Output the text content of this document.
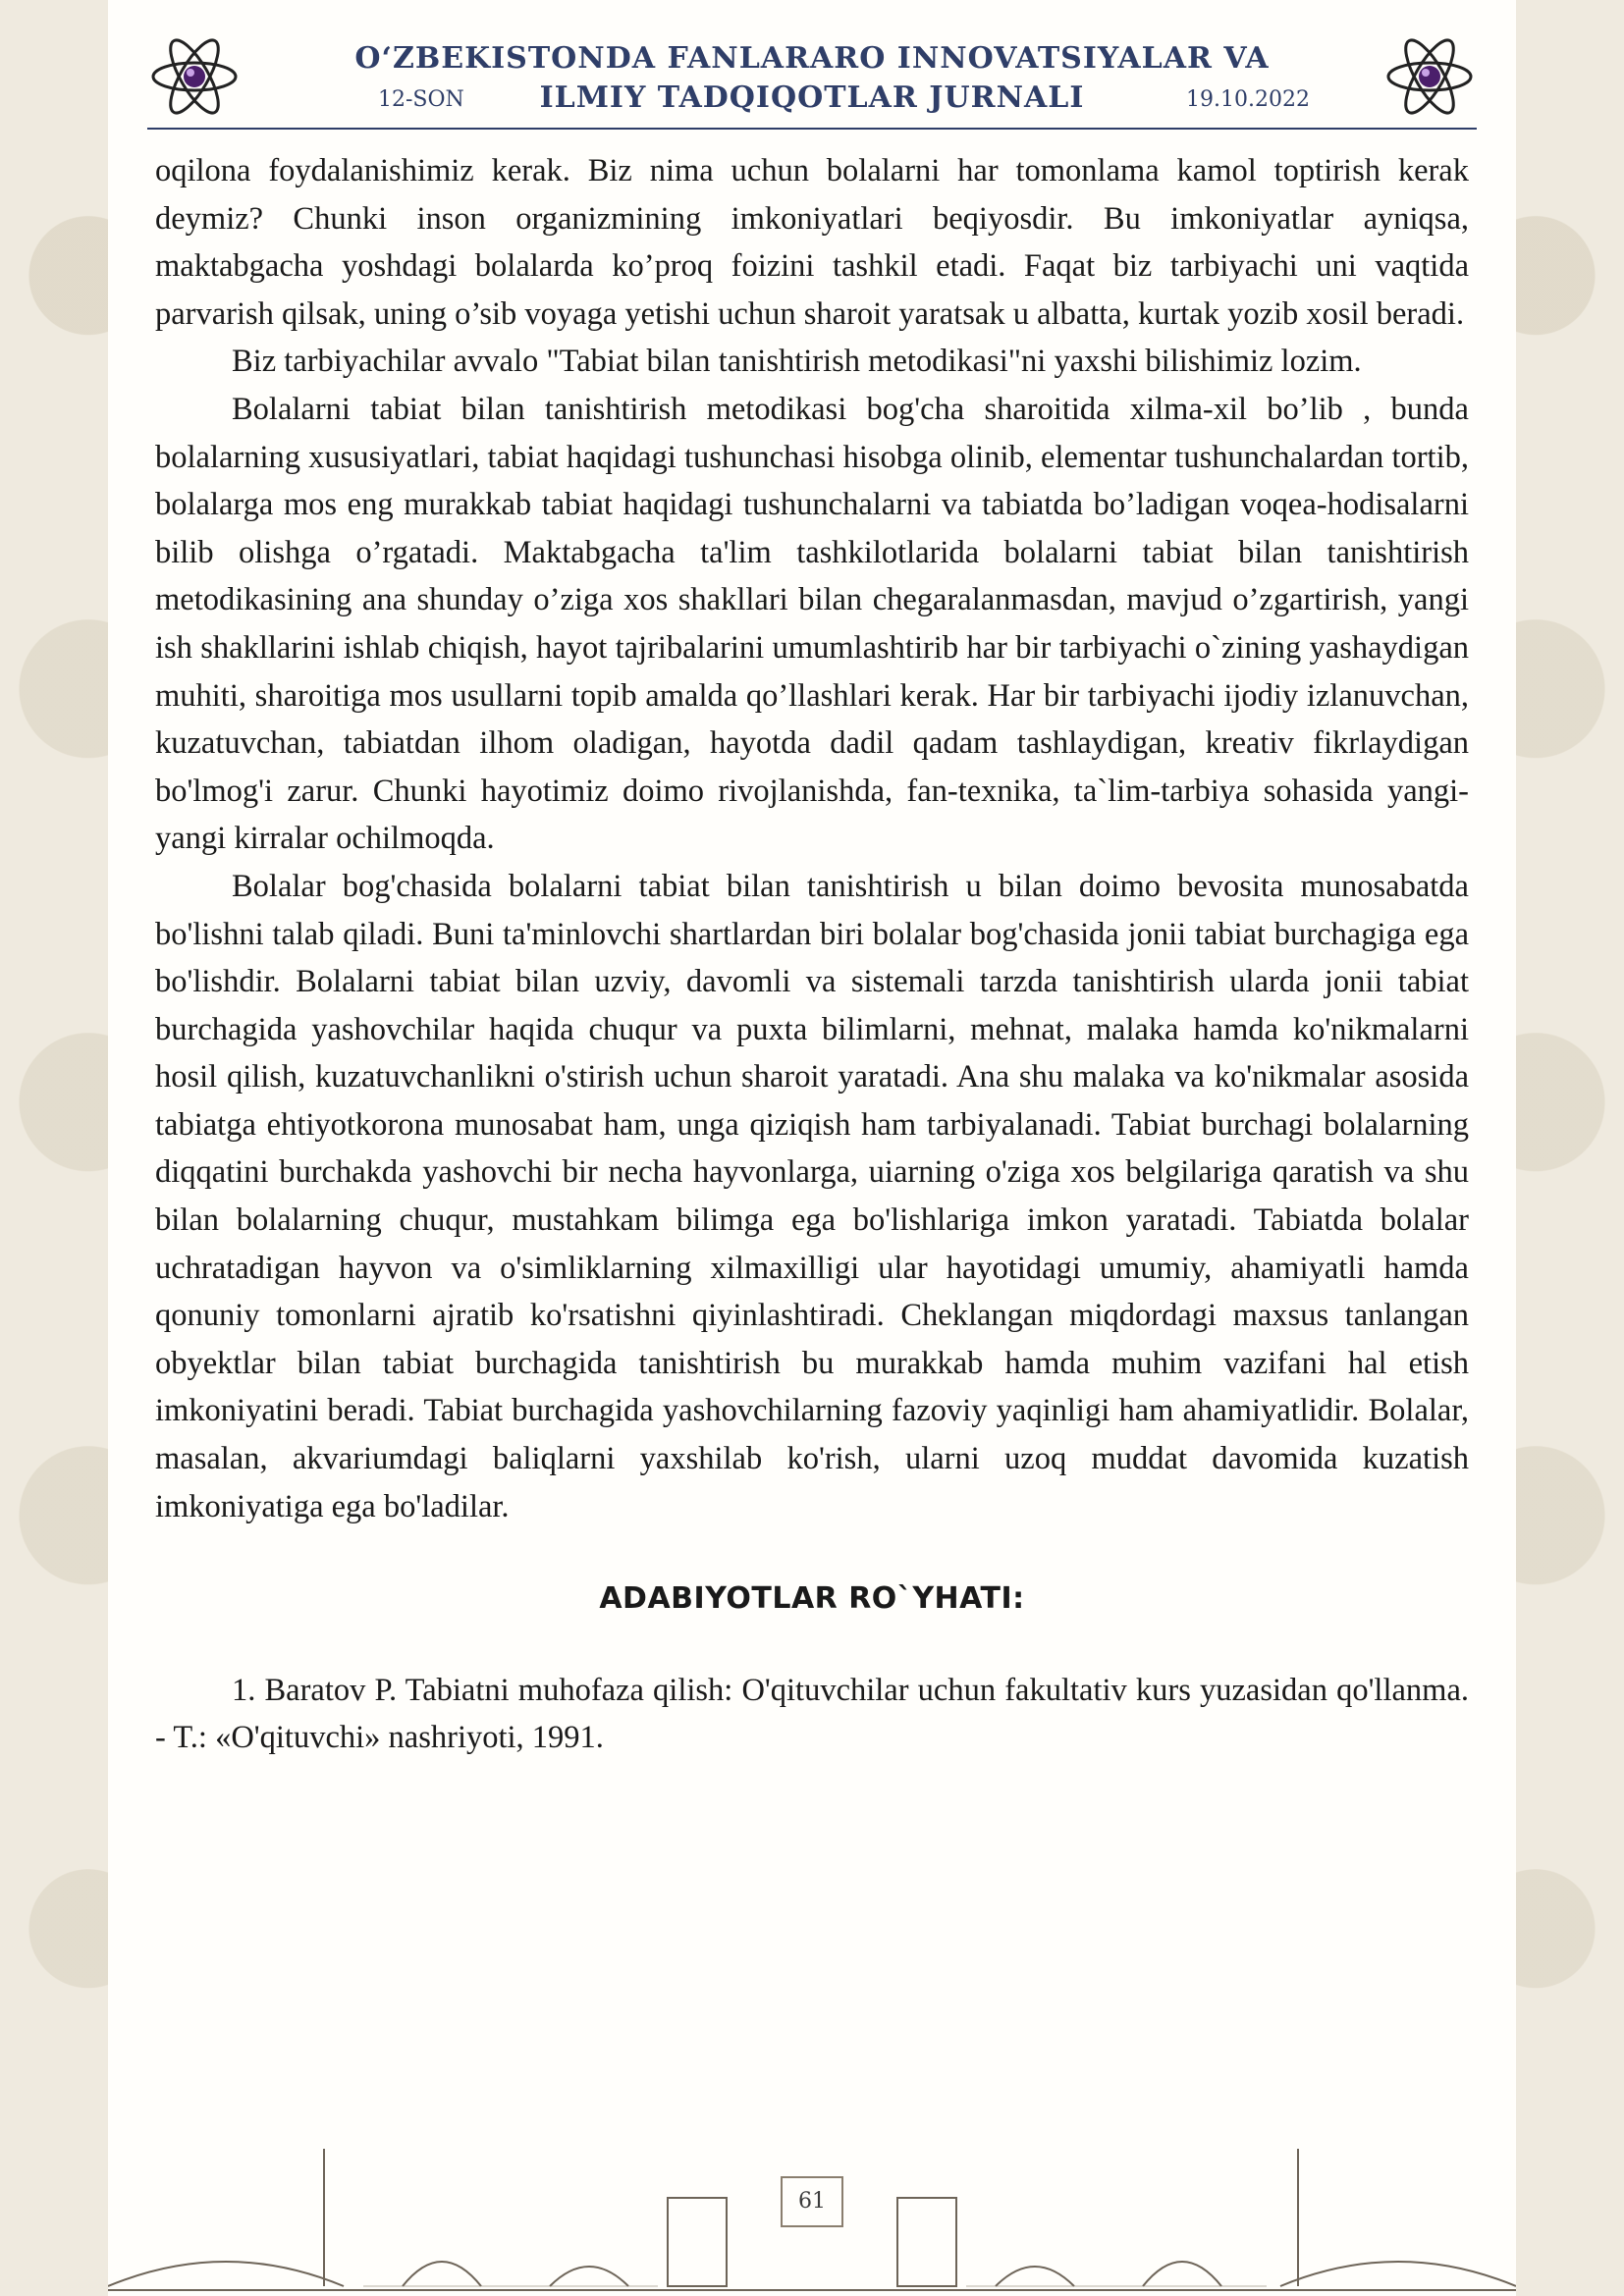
O‘ZBEKISTONDA FANLARARO INNOVATSIYALAR VA
ILMIY TADQIQOTLAR JURNALI
12-SON	19.10.2022

oqilona foydalanishimiz kerak. Biz nima uchun bolalarni har tomonlama kamol toptirish kerak deymiz? Chunki inson organizmining imkoniyatlari beqiyosdir. Bu imkoniyatlar ayniqsa, maktabgacha yoshdagi bolalarda ko’proq foizini tashkil etadi. Faqat biz tarbiyachi uni vaqtida parvarish qilsak, uning o’sib voyaga yetishi uchun sharoit yaratsak u albatta, kurtak yozib xosil beradi.

Biz tarbiyachilar avvalo "Tabiat bilan tanishtirish metodikasi"ni yaxshi bilishimiz lozim.

Bolalarni tabiat bilan tanishtirish metodikasi bog'cha sharoitida xilma-xil bo’lib , bunda bolalarning xususiyatlari, tabiat haqidagi tushunchasi hisobga olinib, elementar tushunchalardan tortib, bolalarga mos eng murakkab tabiat haqidagi tushunchalarni va tabiatda bo’ladigan voqea-hodisalarni bilib olishga o’rgatadi. Maktabgacha ta'lim tashkilotlarida bolalarni tabiat bilan tanishtirish metodikasining ana shunday o’ziga xos shakllari bilan chegaralanmasdan, mavjud o’zgartirish, yangi ish shakllarini ishlab chiqish, hayot tajribalarini umumlashtirib har bir tarbiyachi o`zining yashaydigan muhiti, sharoitiga mos usullarni topib amalda qo’llashlari kerak. Har bir tarbiyachi ijodiy izlanuvchan, kuzatuvchan, tabiatdan ilhom oladigan, hayotda dadil qadam tashlaydigan, kreativ fikrlaydigan bo'lmog'i zarur. Chunki hayotimiz doimo rivojlanishda, fan-texnika, ta`lim-tarbiya sohasida yangi-yangi kirralar ochilmoqda.

Bolalar bog'chasida bolalarni tabiat bilan tanishtirish u bilan doimo bevosita munosabatda bo'lishni talab qiladi. Buni ta'minlovchi shartlardan biri bolalar bog'chasida jonii tabiat burchagiga ega bo'lishdir. Bolalarni tabiat bilan uzviy, davomli va sistemali tarzda tanishtirish ularda jonii tabiat burchagida yashovchilar haqida chuqur va puxta bilimlarni, mehnat, malaka hamda ko'nikmalarni hosil qilish, kuzatuvchanlikni o'stirish uchun sharoit yaratadi. Ana shu malaka va ko'nikmalar asosida tabiatga ehtiyotkorona munosabat ham, unga qiziqish ham tarbiyalanadi. Tabiat burchagi bolalarning diqqatini burchakda yashovchi bir necha hayvonlarga, uiarning o'ziga xos belgilariga qaratish va shu bilan bolalarning chuqur, mustahkam bilimga ega bo'lishlariga imkon yaratadi. Tabiatda bolalar uchratadigan hayvon va o'simliklarning xilmaxilligi ular hayotidagi umumiy, ahamiyatli hamda qonuniy tomonlarni ajratib ko'rsatishni qiyinlashtiradi. Cheklangan miqdordagi maxsus tanlangan obyektlar bilan tabiat burchagida tanishtirish bu murakkab hamda muhim vazifani hal etish imkoniyatini beradi. Tabiat burchagida yashovchilarning fazoviy yaqinligi ham ahamiyatlidir. Bolalar, masalan, akvariumdagi baliqlarni yaxshilab ko'rish, ularni uzoq muddat davomida kuzatish imkoniyatiga ega bo'ladilar.

ADABIYOTLAR RO`YHATI:

1. Baratov P. Tabiatni muhofaza qilish: O'qituvchilar uchun fakultativ kurs yuzasidan qo'llanma. - T.: «O'qituvchi» nashriyoti, 1991.

61
